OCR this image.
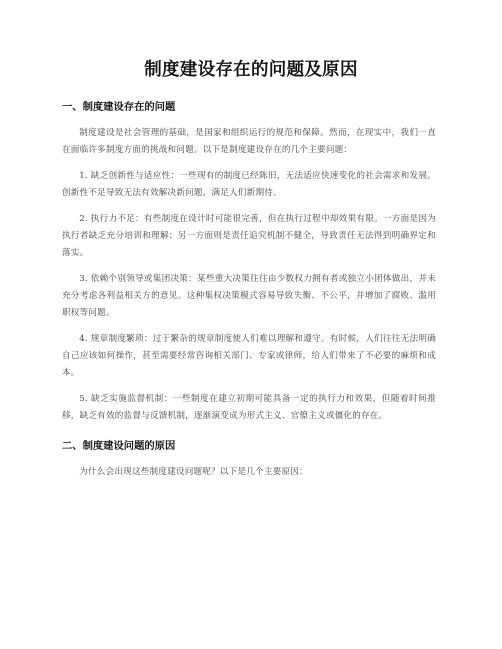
制度建设存在的问题及原因
一、制度建设存在的问题

制度建设是社会管理的基础，是国家和组织运行的规范和保障。然而，在现实中，我们一直在面临许多制度方面的挑战和问题。以下是制度建设存在的几个主要问题：

1. 缺乏创新性与适应性：一些现有的制度已经陈旧，无法适应快速变化的社会需求和发展。创新性不足导致无法有效解决新问题，满足人们新期待。

2. 执行力不足：有些制度在设计时可能很完善，但在执行过程中却效果有限。一方面是因为执行者缺乏充分培训和理解；另一方面则是责任追究机制不健全，导致责任无法得到明确界定和落实。

3. 依赖个别领导或集团决策：某些重大决策往往由少数权力拥有者或独立小团体做出，并未充分考虑各利益相关方的意见。这种集权决策模式容易导致失衡、不公平，并增加了腐败、滥用职权等问题。

4. 规章制度繁琐：过于繁杂的规章制度使人们难以理解和遵守。有时候，人们往往无法明确自己应该如何操作，甚至需要经常咨询相关部门、专家或律师，给人们带来了不必要的麻烦和成本。

5. 缺乏实施监督机制：一些制度在建立初期可能具备一定的执行力和效果，但随着时间推移，缺乏有效的监督与反馈机制，逐渐演变成为形式主义、官僚主义或僵化的存在。

二、制度建设问题的原因

为什么会出现这些制度建设问题呢？以下是几个主要原因：
